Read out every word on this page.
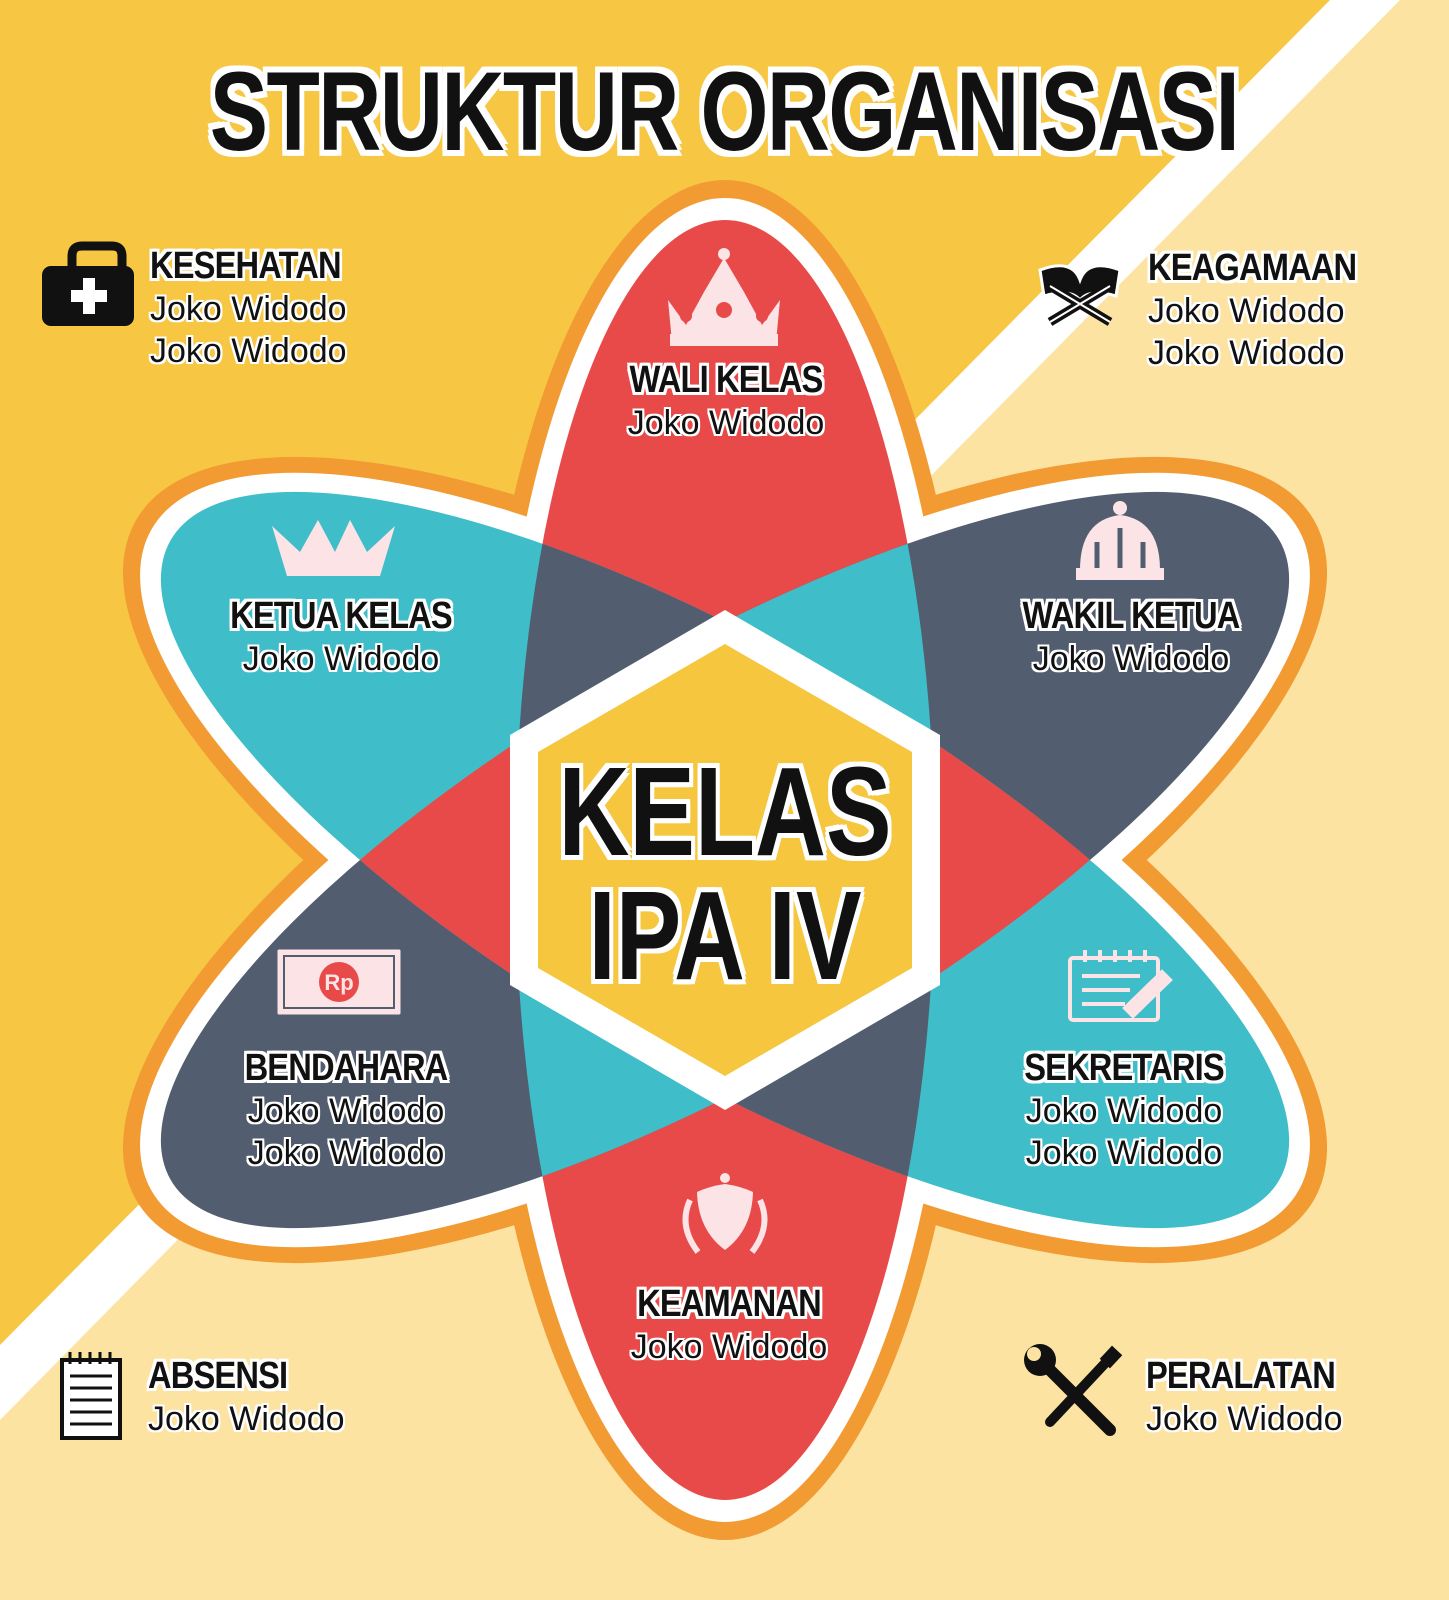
Rp
STRUKTUR ORGANISASI
KELAS
IPA IV
WALI KELAS
Joko Widodo
KETUA KELAS
Joko Widodo
WAKIL KETUA
Joko Widodo
BENDAHARA
Joko Widodo
Joko Widodo
SEKRETARIS
Joko Widodo
Joko Widodo
KEAMANAN
Joko Widodo
KESEHATAN
Joko Widodo
Joko Widodo
KEAGAMAAN
Joko Widodo
Joko Widodo
ABSENSI
Joko Widodo
PERALATAN
Joko Widodo
